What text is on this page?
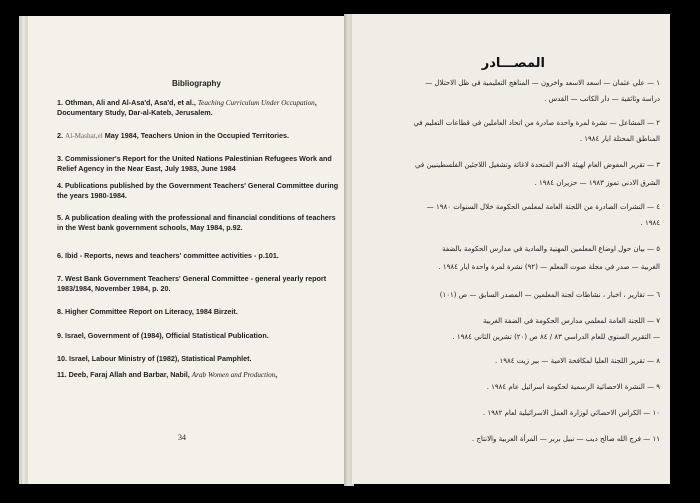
Bibliography
1. Othman, Ali and Al-Asa'd, Asa'd, et al., Teaching Curriculum Under Occupation, Documentary Study, Dar-al-Kateb, Jerusalem.
2. Al-Mashat,el May 1984, Teachers Union in the Occupied Territories.
3. Commissioner's Report for the United Nations Palestinian Refugees Work and Relief Agency in the Near East, July 1983, June 1984
4. Publications published by the Government Teachers' General Committee during the years 1980-1984.
5. A publication dealing with the professional and financial conditions of teachers in the West bank government schools, May 1984, p.92.
6. Ibid - Reports, news and teachers' committee activities - p.101.
7. West Bank Government Teachers' General Committee - general yearly report 1983/1984, November 1984, p. 20.
8. Higher Committee Report on Literacy, 1984 Birzeit.
9. Israel, Government of (1984), Official Statistical Publication.
10. Israel, Labour Ministry of (1982), Statistical Pamphlet.
11. Deeb, Faraj Allah and Barbar, Nabil, Arab Women and Production,
34
المصـــادر
١ — علي عثمان — اسعد الاسعد واخرون — المناهج التعليمية في ظل الاحتلال —
دراسة وثائقية — دار الكاتب — القدس .
٢ — المشاعل — نشرة لمرة واحدة صادرة من اتحاد العاملين في قطاعات التعليم في
المناطق المحتلة ايار ١٩٨٤ .
٣ — تقرير المفوض العام لهيئة الامم المتحدة لاغاثة وتشغيل اللاجئين الفلسطينيين في
الشرق الادنى تموز ١٩٨٣ — حزيران ١٩٨٤ .
٤ — النشرات الصادرة من اللجنة العامة لمعلمي الحكومة خلال السنوات ١٩٨٠ —
١٩٨٤ .
٥ — بيان حول اوضاع المعلمين المهنية والمادية في مدارس الحكومة بالضفة
الغربية — صدر في مجلة صوت المعلم — (٩٢) نشرة لمرة واحدة ايار ١٩٨٤ .
٦ — تقارير ، اخبار ، نشاطات لجنة المعلمين — المصدر السابق — ص (١٠١)
٧ — اللجنة العامة لمعلمي مدارس الحكومة في الضفة الغربية
— التقرير السنوي للعام الدراسي ٨٣ / ٨٤ ص (٢٠) تشرين الثاني ١٩٨٤ .
٨ — تقرير اللجنة العليا لمكافحة الامية — بير زيت ١٩٨٤ .
٩ — النشرة الاحصائية الرسمية لحكومة اسرائيل عام ١٩٨٤ .
١٠ — الكراس الاحصائي لوزارة العمل الاسرائيلية لعام ١٩٨٢ .
١١ — فرج الله صالح ديب — نبيل بربر — المرأة العربية والانتاج .
